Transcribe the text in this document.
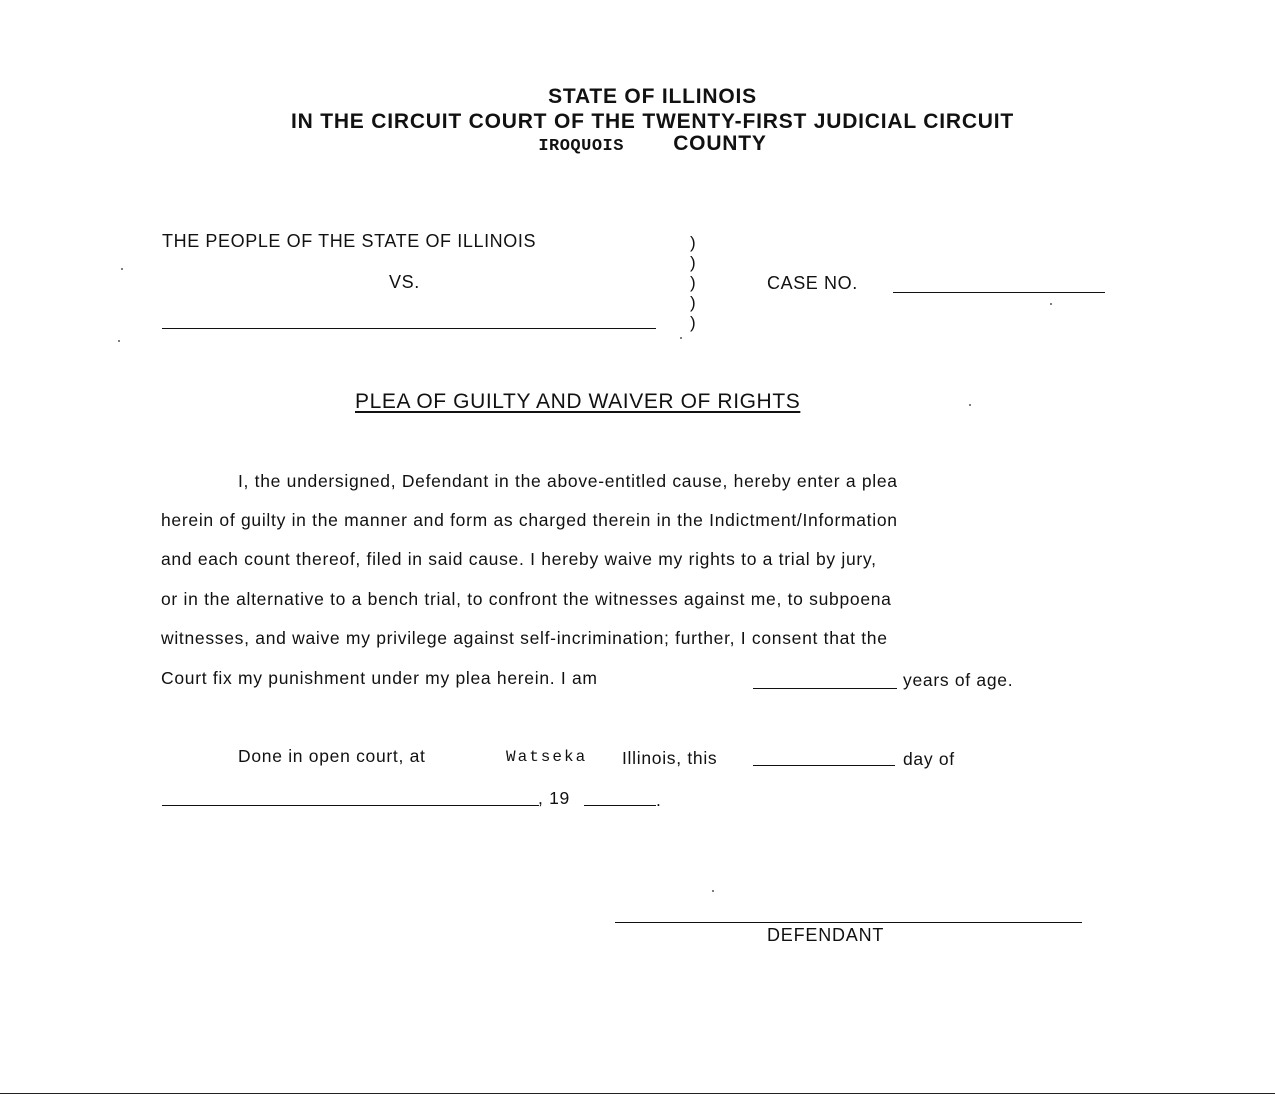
STATE OF ILLINOIS
IN THE CIRCUIT COURT OF THE TWENTY-FIRST JUDICIAL CIRCUIT
IROQUOIS COUNTY
THE PEOPLE OF THE STATE OF ILLINOIS
VS.
)
)
)
)
)
CASE NO.
PLEA OF GUILTY AND WAIVER OF RIGHTS
I, the undersigned, Defendant in the above-entitled cause, hereby enter a plea
herein of guilty in the manner and form as charged therein in the Indictment/Information
and each count thereof, filed in said cause. I hereby waive my rights to a trial by jury,
or in the alternative to a bench trial, to confront the witnesses against me, to subpoena
witnesses, and waive my privilege against self-incrimination; further, I consent that the
Court fix my punishment under my plea herein. I am	years of age.
Done in open court, at	Watseka Illinois, this	day of
, 19	.
DEFENDANT
